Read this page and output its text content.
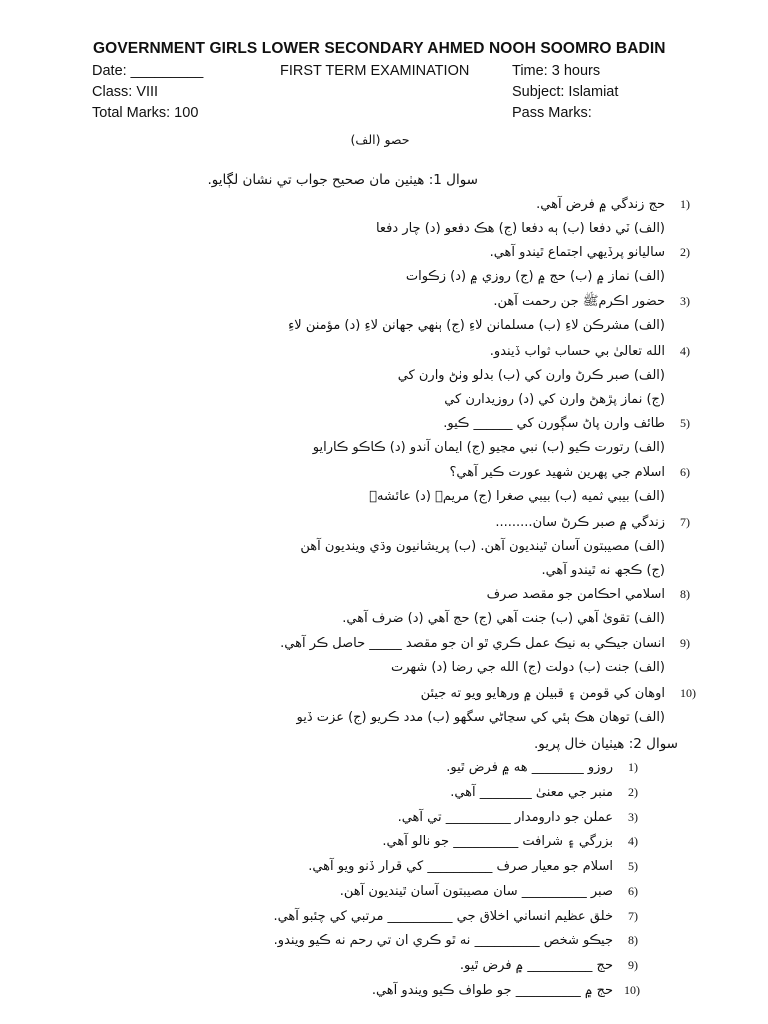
GOVERNMENT GIRLS LOWER SECONDARY AHMED NOOH SOOMRO BADIN
Date: _________	FIRST TERM EXAMINATION	Time: 3 hours
Class: VIII	Subject: Islamiat
Total Marks: 100	Pass Marks:
حصو (الف)
سوال 1: هيٺين مان صحيح جواب تي نشان لڳايو.
1)
حج زندگي ۾ فرض آهي.
(الف) ٽي دفعا (ب) ٻه دفعا (ج) هڪ دفعو (د) چار دفعا
2)
ساليانو پرڏيهي اجتماع ٿيندو آهي.
(الف) نماز ۾ (ب) حج ۾ (ج) روزي ۾ (د) زڪوات
3)
حضور اڪرمﷺ جن رحمت آهن.
(الف) مشرڪن لاءِ (ب) مسلمانن لاءِ (ج) ٻنهي جهانن لاءِ (د) مؤمنن لاءِ
4)
الله تعالىٰ بي حساب ثواب ڏيندو.
(الف) صبر ڪرڻ وارن کي (ب) بدلو وٺڻ وارن کي
(ج) نماز پڙهڻ وارن کي (د) روزيدارن کي
5)
طائف وارن پاڻ سڳورن کي ______ ڪيو.
(الف) رتورت ڪيو (ب) نبي مڃيو (ج) ايمان آندو (د) ڪاڪو ڪارايو
6)
اسلام جي پهرين شهيد عورت ڪير آهي؟
(الف) بيبي ثميه (ب) بيبي صغرا (ج) مريمؑ (د) عائشهؓ
7)
زندگي ۾ صبر ڪرڻ سان.........
(الف) مصيبتون آسان ٿينديون آهن. (ب) پريشانيون وڌي وينديون آهن
(ج) ڪجھ نه ٿيندو آهي.
8)
اسلامي احڪامن جو مقصد صرف
(الف) تقوىٰ آهي (ب) جنت آهي (ج) حج آهي (د) ضرف آهي.
9)
انسان جيڪي به نيڪ عمل ڪري ٿو ان جو مقصد _____ حاصل ڪر آهي.
(الف) جنت (ب) دولت (ج) الله جي رضا (د) شهرت
10)
اوهان کي قومن ۽ قبيلن ۾ ورهايو ويو ته جيئن
(الف) توهان هڪ ٻئي کي سڃاڻي سگهو (ب) مدد ڪريو (ج) عزت ڏيو
سوال 2: هيٺيان خال پريو.
1)
روزو ________ هه ۾ فرض ٿيو.
2)
منبر جي معنىٰ ________ آهي.
3)
عملن جو دارومدار __________ تي آهي.
4)
بزرگي ۽ شرافت __________ جو نالو آهي.
5)
اسلام جو معيار صرف __________ کي قرار ڏنو ويو آهي.
6)
صبر __________ سان مصيبتون آسان ٿينديون آهن.
7)
خلق عظيم انساني اخلاق جي __________ مرتبي کي چئبو آهي.
8)
جيڪو شخص __________ نه ٿو ڪري ان تي رحم نه ڪيو ويندو.
9)
حج __________ ۾ فرض ٿيو.
10)
حج ۾ __________ جو طواف ڪيو ويندو آهي.
